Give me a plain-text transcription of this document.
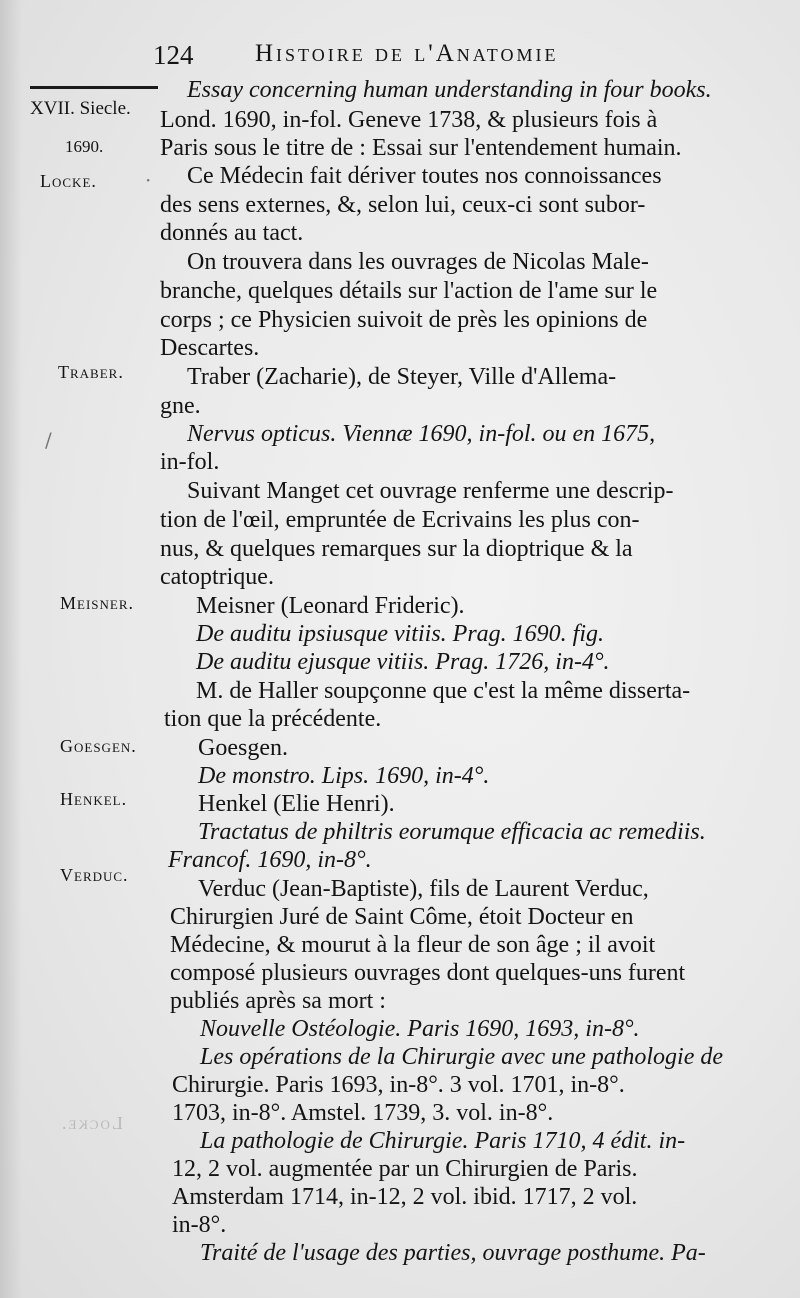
124 Histoire de l'Anatomie
XVII. Siecle.
1690.
Locke.
Traber.
Meisner.
Goesgen.
Henkel.
Verduc.
Locke.
Essay concerning human understanding in four books.
Lond. 1690, in-fol. Geneve 1738, & plusieurs fois à
Paris sous le titre de : Essai sur l'entendement humain.
Ce Médecin fait dériver toutes nos connoissances
des sens externes, &, selon lui, ceux-ci sont subor-
donnés au tact.
On trouvera dans les ouvrages de Nicolas Male-
branche, quelques détails sur l'action de l'ame sur le
corps ; ce Physicien suivoit de près les opinions de
Descartes.
Traber (Zacharie), de Steyer, Ville d'Allema-
gne.
Nervus opticus. Viennæ 1690, in-fol. ou en 1675,
in-fol.
Suivant Manget cet ouvrage renferme une descrip-
tion de l'œil, empruntée de Ecrivains les plus con-
nus, & quelques remarques sur la dioptrique & la
catoptrique.
Meisner (Leonard Frideric).
De auditu ipsiusque vitiis. Prag. 1690. fig.
De auditu ejusque vitiis. Prag. 1726, in-4°.
M. de Haller soupçonne que c'est la même disserta-
tion que la précédente.
Goesgen.
De monstro. Lips. 1690, in-4°.
Henkel (Elie Henri).
Tractatus de philtris eorumque efficacia ac remediis.
Francof. 1690, in-8°.
Verduc (Jean-Baptiste), fils de Laurent Verduc,
Chirurgien Juré de Saint Côme, étoit Docteur en
Médecine, & mourut à la fleur de son âge ; il avoit
composé plusieurs ouvrages dont quelques-uns furent
publiés après sa mort :
Nouvelle Ostéologie. Paris 1690, 1693, in-8°.
Les opérations de la Chirurgie avec une pathologie de
Chirurgie. Paris 1693, in-8°. 3 vol. 1701, in-8°.
1703, in-8°. Amstel. 1739, 3. vol. in-8°.
La pathologie de Chirurgie. Paris 1710, 4 édit. in-
12, 2 vol. augmentée par un Chirurgien de Paris.
Amsterdam 1714, in-12, 2 vol. ibid. 1717, 2 vol.
in-8°.
Traité de l'usage des parties, ouvrage posthume. Pa-
/
·
